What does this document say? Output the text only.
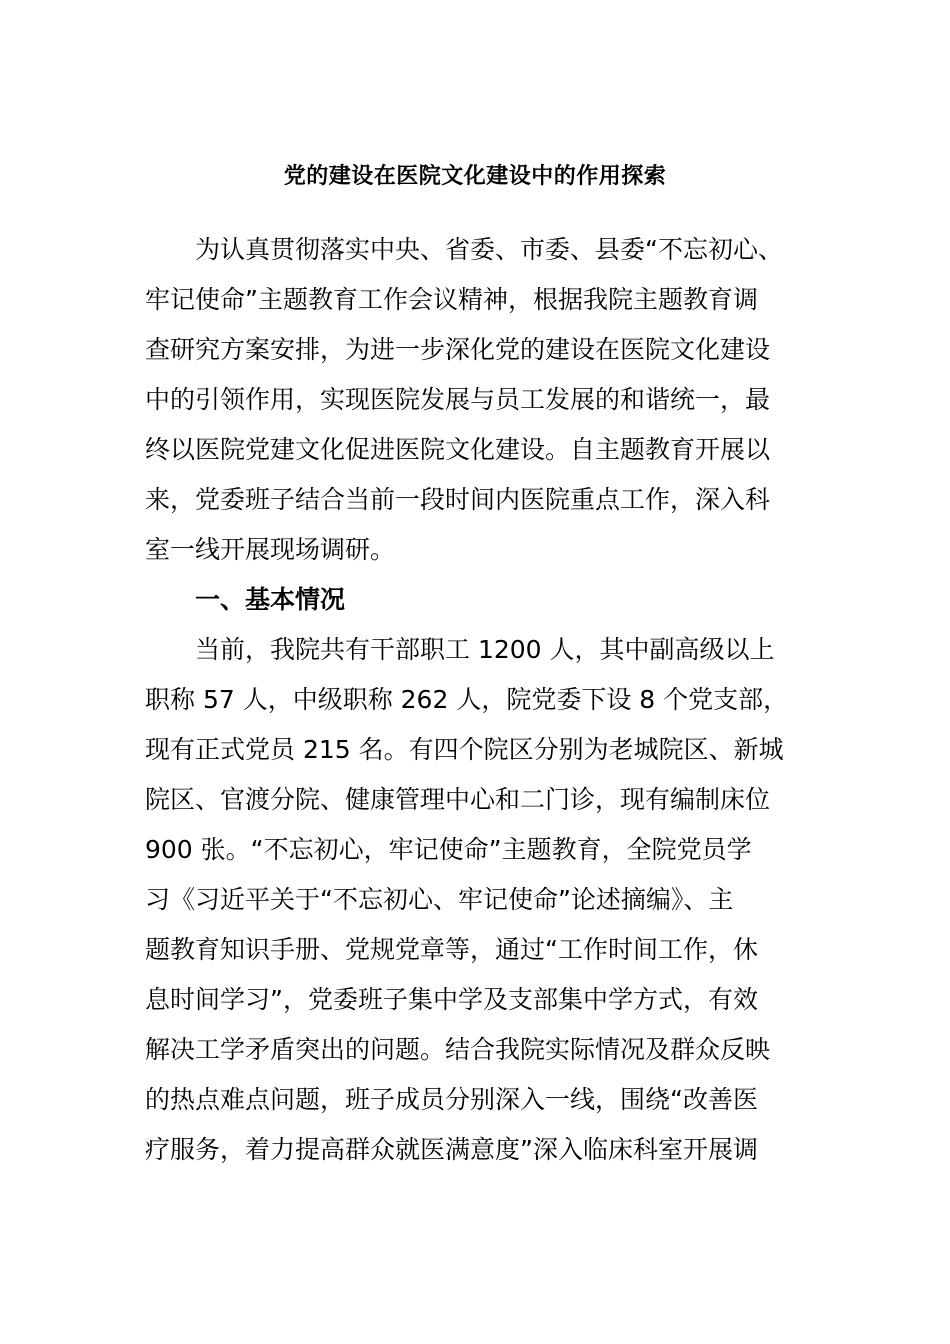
党的建设在医院文化建设中的作用探索
为认真贯彻落实中央、省委、市委、县委“不忘初心、
牢记使命”主题教育工作会议精神，根据我院主题教育调
查研究方案安排，为进一步深化党的建设在医院文化建设
中的引领作用，实现医院发展与员工发展的和谐统一，最
终以医院党建文化促进医院文化建设。自主题教育开展以
来，党委班子结合当前一段时间内医院重点工作，深入科
室一线开展现场调研。
一、基本情况
当前，我院共有干部职工 1200 人，其中副高级以上
职称 57 人，中级职称 262 人，院党委下设 8 个党支部，
现有正式党员 215 名。有四个院区分别为老城院区、新城
院区、官渡分院、健康管理中心和二门诊，现有编制床位
900 张。“不忘初心，牢记使命”主题教育，全院党员学
习《习近平关于“不忘初心、牢记使命”论述摘编》、主
题教育知识手册、党规党章等，通过“工作时间工作，休
息时间学习”，党委班子集中学及支部集中学方式，有效
解决工学矛盾突出的问题。结合我院实际情况及群众反映
的热点难点问题，班子成员分别深入一线，围绕“改善医
疗服务，着力提高群众就医满意度”深入临床科室开展调
